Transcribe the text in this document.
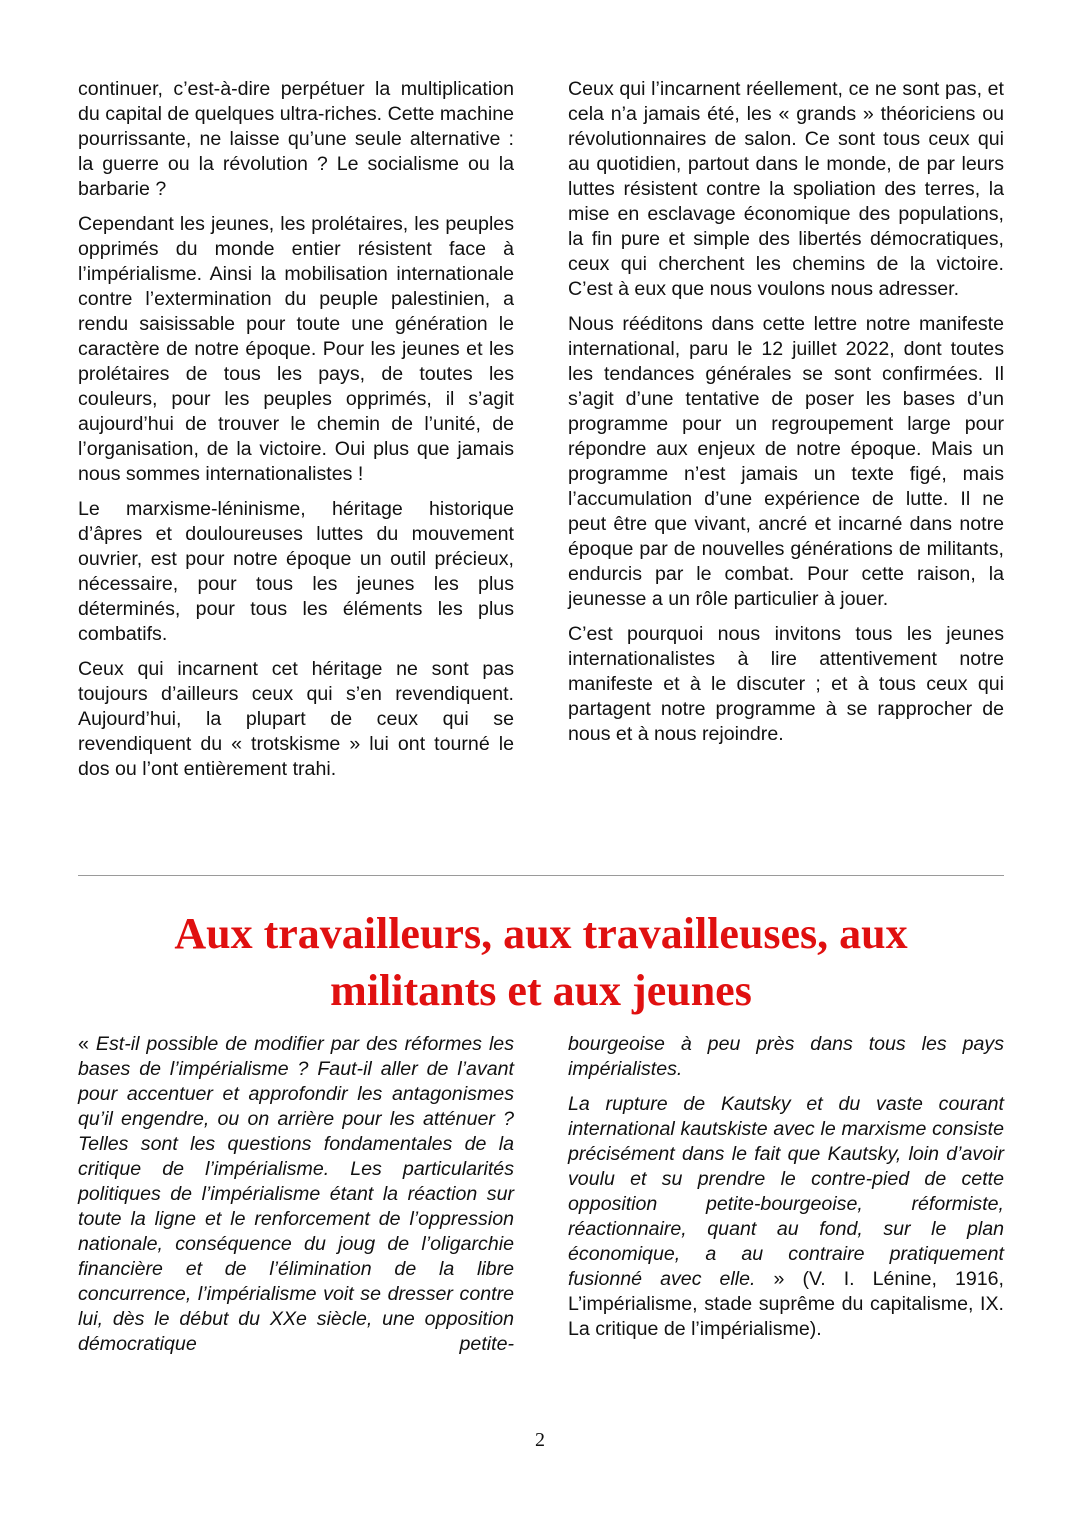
continuer, c’est-à-dire perpétuer la multiplication du capital de quelques ultra-riches. Cette machine pourrissante, ne laisse qu’une seule alternative : la guerre ou la révolution ? Le socialisme ou la barbarie ?

Cependant les jeunes, les prolétaires, les peuples opprimés du monde entier résistent face à l’impérialisme. Ainsi la mobilisation internationale contre l’extermination du peuple palestinien, a rendu saisissable pour toute une génération le caractère de notre époque. Pour les jeunes et les prolétaires de tous les pays, de toutes les couleurs, pour les peuples opprimés, il s’agit aujourd’hui de trouver le chemin de l’unité, de l’organisation, de la victoire. Oui plus que jamais nous sommes internationalistes !

Le marxisme-léninisme, héritage historique d’âpres et douloureuses luttes du mouvement ouvrier, est pour notre époque un outil précieux, nécessaire, pour tous les jeunes les plus déterminés, pour tous les éléments les plus combatifs.

Ceux qui incarnent cet héritage ne sont pas toujours d’ailleurs ceux qui s’en revendiquent. Aujourd’hui, la plupart de ceux qui se revendiquent du « trotskisme » lui ont tourné le dos ou l’ont entièrement trahi.

Ceux qui l’incarnent réellement, ce ne sont pas, et cela n’a jamais été, les « grands » théoriciens ou révolutionnaires de salon. Ce sont tous ceux qui au quotidien, partout dans le monde, de par leurs luttes résistent contre la spoliation des terres, la mise en esclavage économique des populations, la fin pure et simple des libertés démocratiques, ceux qui cherchent les chemins de la victoire. C’est à eux que nous voulons nous adresser.

Nous rééditons dans cette lettre notre manifeste international, paru le 12 juillet 2022, dont toutes les tendances générales se sont confirmées. Il s’agit d’une tentative de poser les bases d’un programme pour un regroupement large pour répondre aux enjeux de notre époque. Mais un programme n’est jamais un texte figé, mais l’accumulation d’une expérience de lutte. Il ne peut être que vivant, ancré et incarné dans notre époque par de nouvelles générations de militants, endurcis par le combat. Pour cette raison, la jeunesse a un rôle particulier à jouer.

C’est pourquoi nous invitons tous les jeunes internationalistes à lire attentivement notre manifeste et à le discuter ; et à tous ceux qui partagent notre programme à se rapprocher de nous et à nous rejoindre.

Aux travailleurs, aux travailleuses, aux
militants et aux jeunes

« Est-il possible de modifier par des réformes les bases de l’impérialisme ? Faut-il aller de l’avant pour accentuer et approfondir les antagonismes qu’il engendre, ou on arrière pour les atténuer ? Telles sont les questions fondamentales de la critique de l’impérialisme. Les particularités politiques de l’impérialisme étant la réaction sur toute la ligne et le renforcement de l’oppression nationale, conséquence du joug de l’oligarchie financière et de l’élimination de la libre concurrence, l’impérialisme voit se dresser contre lui, dès le début du XXe siècle, une opposition démocratique petite-

bourgeoise à peu près dans tous les pays impérialistes.

La rupture de Kautsky et du vaste courant international kautskiste avec le marxisme consiste précisément dans le fait que Kautsky, loin d’avoir voulu et su prendre le contre-pied de cette opposition petite-bourgeoise, réformiste, réactionnaire, quant au fond, sur le plan économique, a au contraire pratiquement fusionné avec elle. » (V. I. Lénine, 1916, L’impérialisme, stade suprême du capitalisme, IX. La critique de l’impérialisme).

2
